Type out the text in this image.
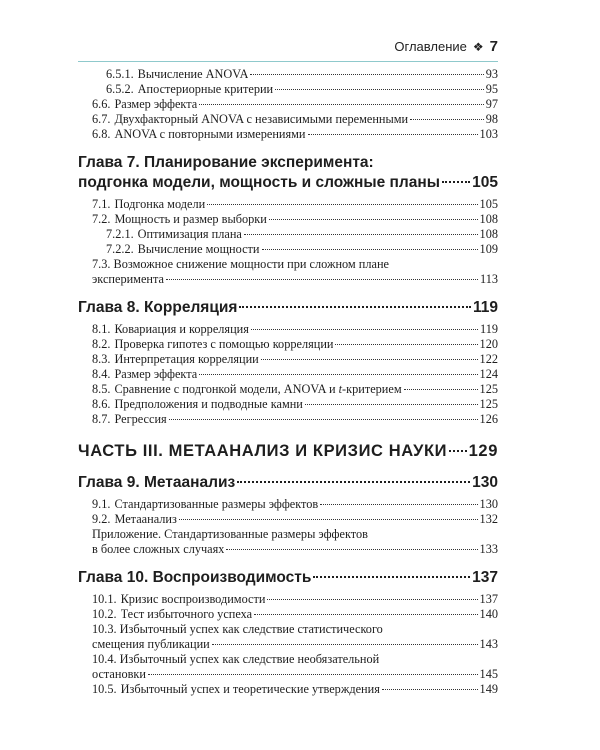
Оглавление ❖ 7
6.5.1. Вычисление ANOVA	93
6.5.2. Апостериорные критерии	95
6.6. Размер эффекта	97
6.7. Двухфакторный ANOVA с независимыми переменными	98
6.8. ANOVA с повторными измерениями	103
Глава 7. Планирование эксперимента:
подгонка модели, мощность и сложные планы 105
7.1. Подгонка модели	105
7.2. Мощность и размер выборки	108
7.2.1. Оптимизация плана	108
7.2.2. Вычисление мощности	109
7.3. Возможное снижение мощности при сложном плане
эксперимента	113
Глава 8. Корреляция	119
8.1. Ковариация и корреляция	119
8.2. Проверка гипотез с помощью корреляции	120
8.3. Интерпретация корреляции	122
8.4. Размер эффекта	124
8.5. Сравнение с подгонкой модели, ANOVA и t-критерием	125
8.6. Предположения и подводные камни	125
8.7. Регрессия	126
ЧАСТЬ III. МЕТААНАЛИЗ И КРИЗИС НАУКИ 129
Глава 9. Метаанализ	130
9.1. Стандартизованные размеры эффектов	130
9.2. Метаанализ	132
Приложение. Стандартизованные размеры эффектов
в более сложных случаях	133
Глава 10. Воспроизводимость	137
10.1. Кризис воспроизводимости	137
10.2. Тест избыточного успеха	140
10.3. Избыточный успех как следствие статистического
смещения публикации	143
10.4. Избыточный успех как следствие необязательной
остановки	145
10.5. Избыточный успех и теоретические утверждения	149
